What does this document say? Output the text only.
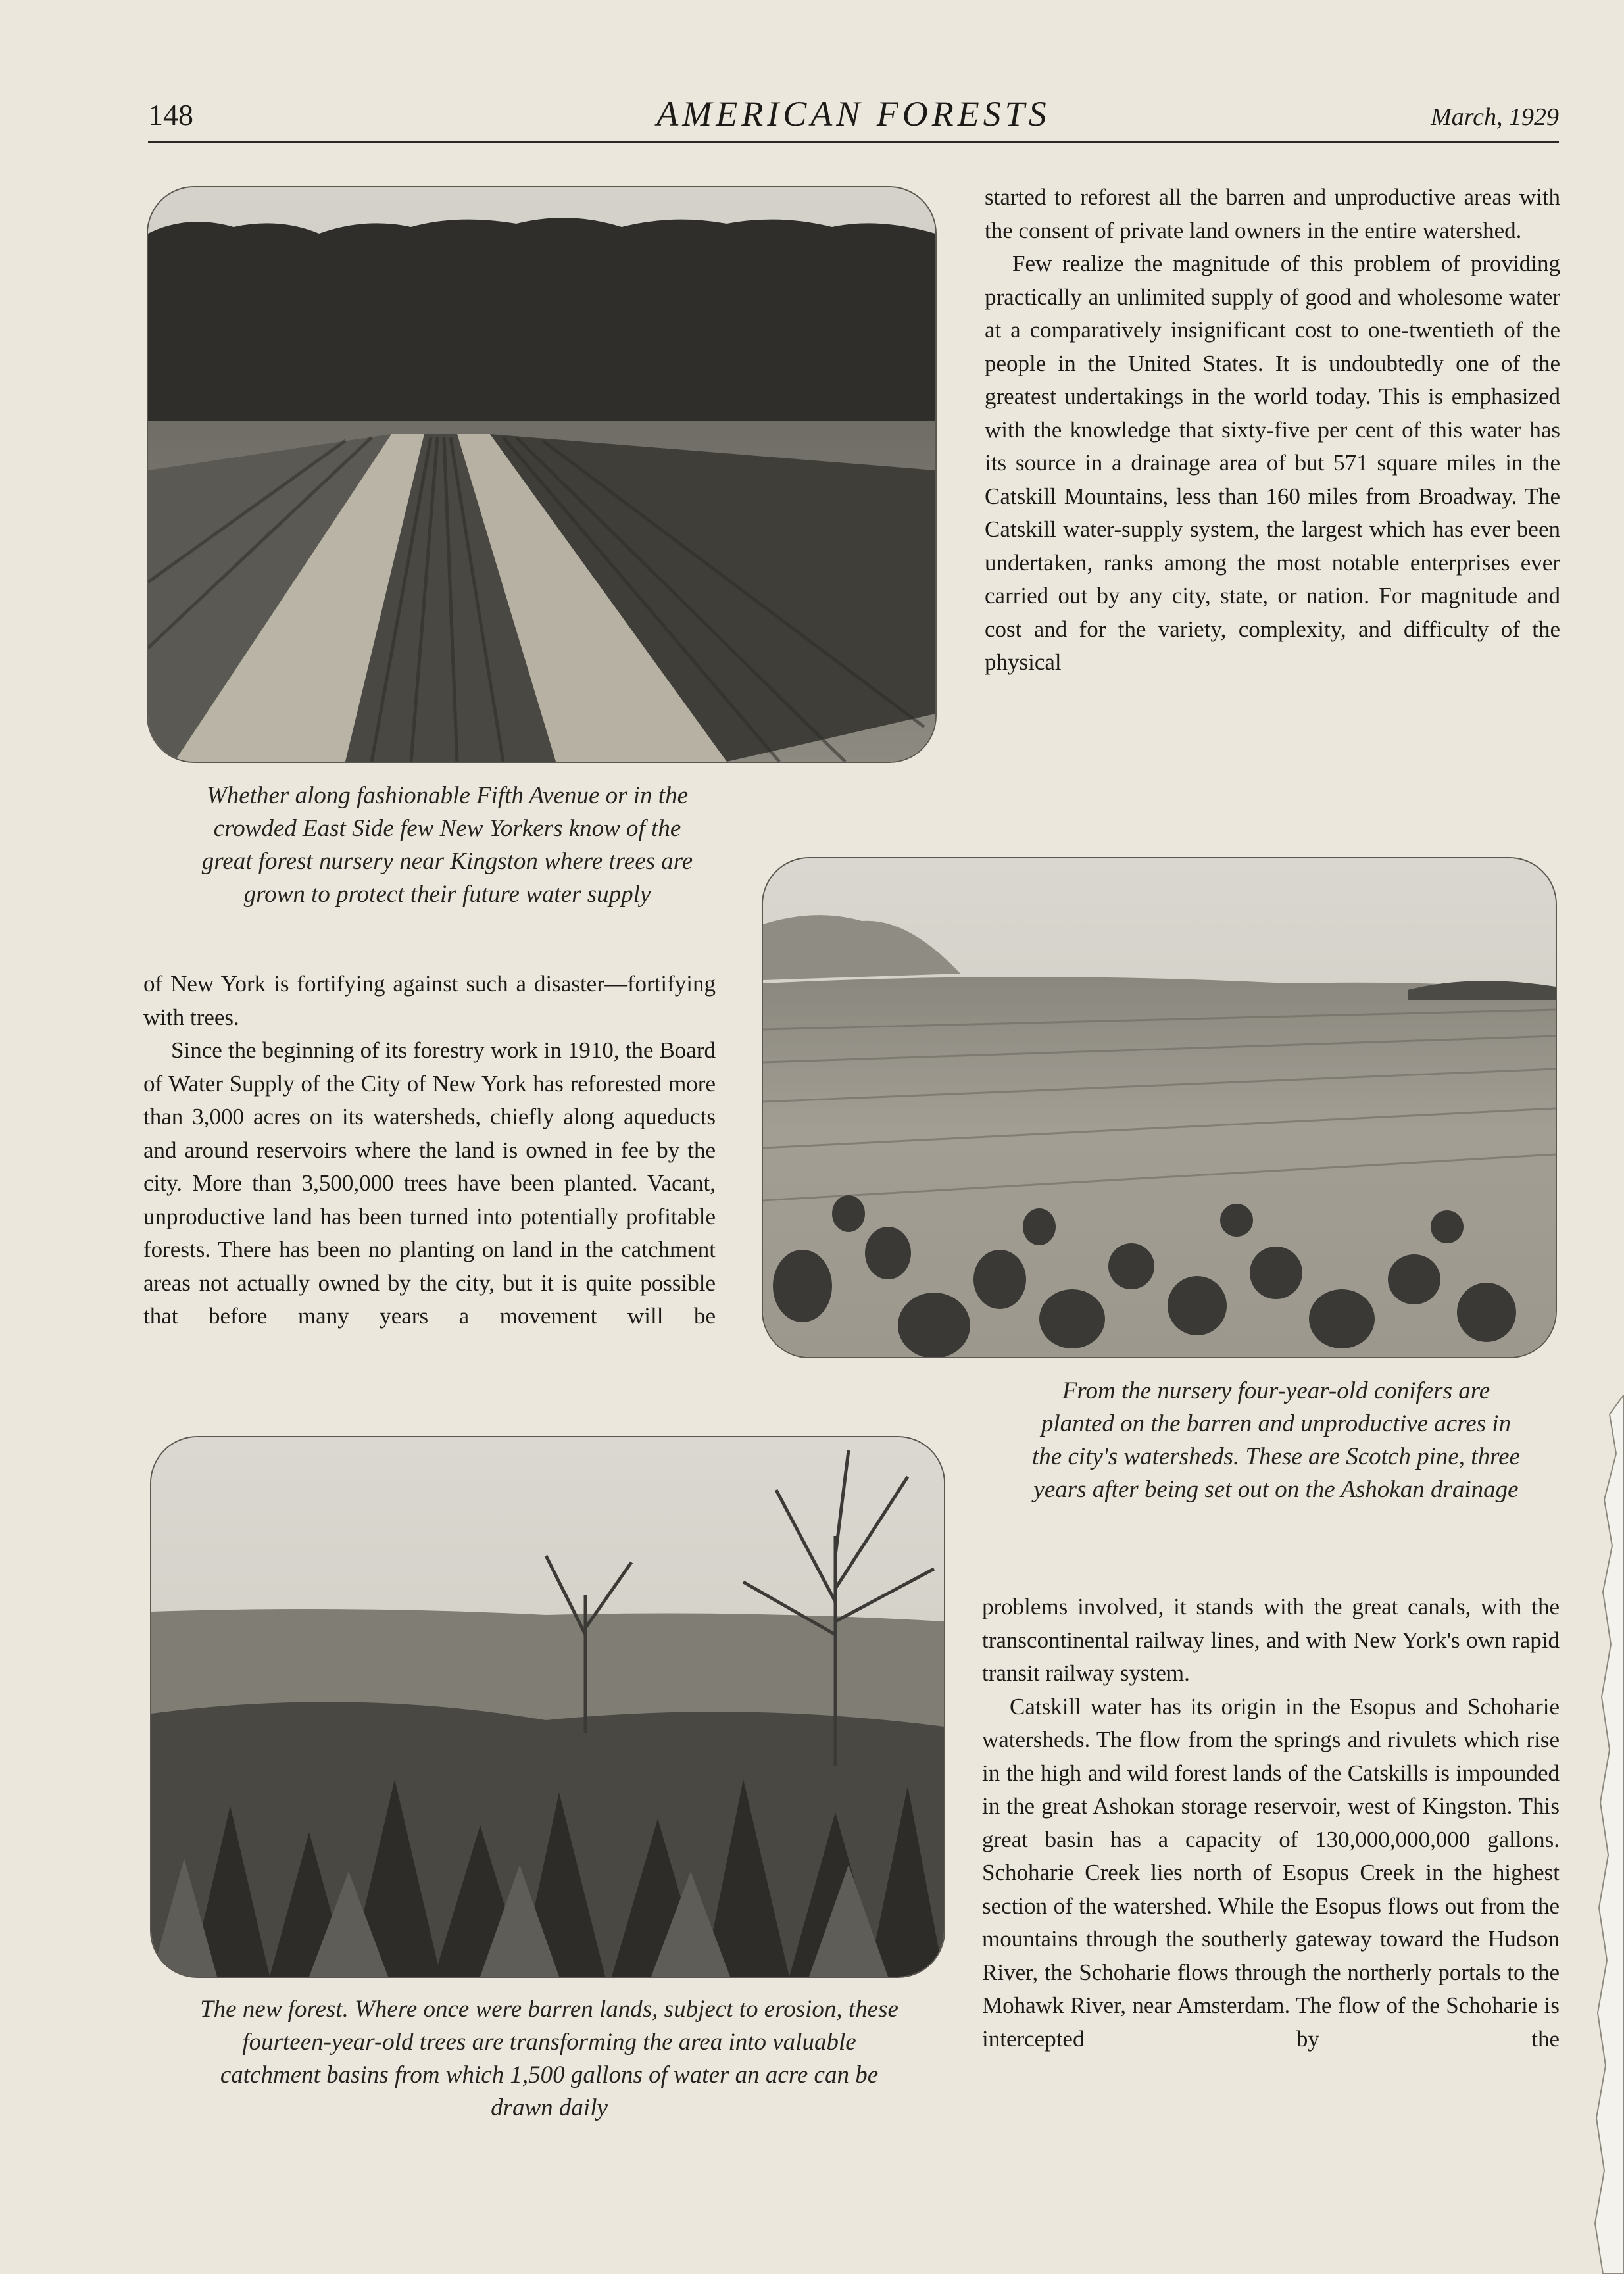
148	AMERICAN FORESTS	March, 1929
Whether along fashionable Fifth Avenue or in the crowded East Side few New Yorkers know of the great forest nursery near Kingston where trees are grown to protect their future water supply

started to reforest all the barren and unproductive areas with the consent of private land owners in the entire watershed.

Few realize the magnitude of this problem of providing practically an unlimited supply of good and wholesome water at a comparatively insignificant cost to one-twentieth of the people in the United States. It is undoubtedly one of the greatest undertakings in the world today. This is emphasized with the knowledge that sixty-five per cent of this water has its source in a drainage area of but 571 square miles in the Catskill Mountains, less than 160 miles from Broadway. The Catskill water-supply system, the largest which has ever been undertaken, ranks among the most notable enterprises ever carried out by any city, state, or nation. For magnitude and cost and for the variety, complexity, and difficulty of the physical

of New York is fortifying against such a disaster—fortifying with trees.

Since the beginning of its forestry work in 1910, the Board of Water Supply of the City of New York has reforested more than 3,000 acres on its watersheds, chiefly along aqueducts and around reservoirs where the land is owned in fee by the city. More than 3,500,000 trees have been planted. Vacant, unproductive land has been turned into potentially profitable forests. There has been no planting on land in the catchment areas not actually owned by the city, but it is quite possible that before many years a movement will be

From the nursery four-year-old conifers are planted on the barren and unproductive acres in the city's watersheds. These are Scotch pine, three years after being set out on the Ashokan drainage
The new forest. Where once were barren lands, subject to erosion, these fourteen-year-old trees are transforming the area into valuable catchment basins from which 1,500 gallons of water an acre can be drawn daily

problems involved, it stands with the great canals, with the transcontinental railway lines, and with New York's own rapid transit railway system.

Catskill water has its origin in the Esopus and Schoharie watersheds. The flow from the springs and rivulets which rise in the high and wild forest lands of the Catskills is impounded in the great Ashokan storage reservoir, west of Kingston. This great basin has a capacity of 130,000,000,000 gallons. Schoharie Creek lies north of Esopus Creek in the highest section of the watershed. While the Esopus flows out from the mountains through the southerly gateway toward the Hudson River, the Schoharie flows through the northerly portals to the Mohawk River, near Amsterdam. The flow of the Schoharie is intercepted by the
